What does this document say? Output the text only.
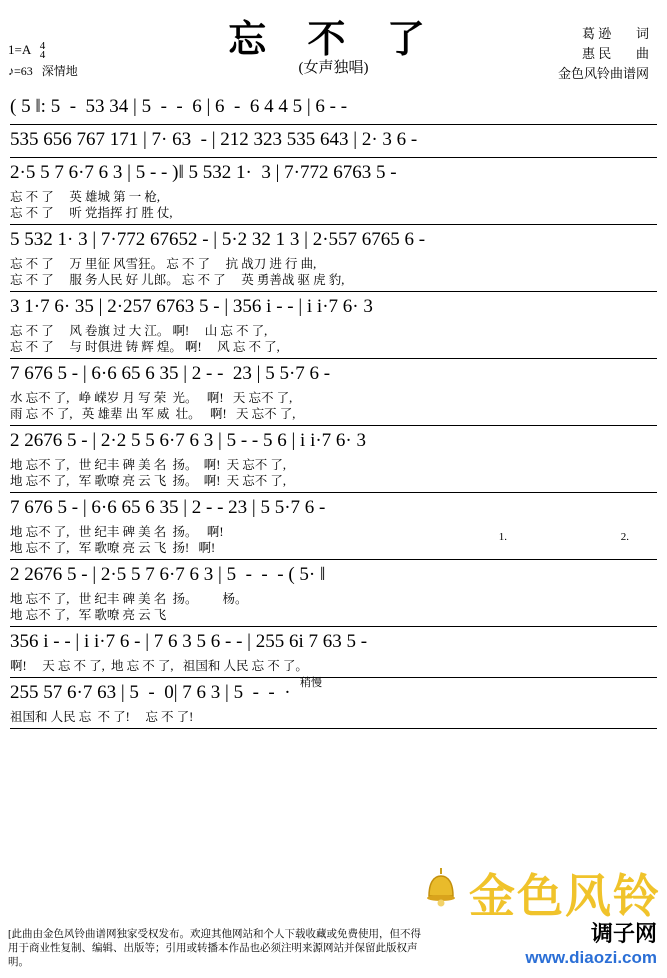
忘 不 了
(女声独唱)
葛 逊 词
惠 民 曲
金色风铃曲谱网
1=A 4
4
♪=63 深情地
( 5 ‖: 5  -  53 34 | 5  -  -  6 | 6  -  6 4 4 5 | 6 - -
535 656 767 171 | 7· 63  - | 212 323 535 643 | 2· 3 6 -
2·5 5 7 6·7 6 3 | 5 - - )‖ 5 532 1·  3 | 7·772 6763 5 -
忘 不 了     英 雄城 第 一 枪,
忘 不 了     听 党指挥 打 胜 仗,
5 532 1· 3 | 7·772 67652 - | 5·2 32 1 3 | 2·557 6765 6 -
忘 不 了     万 里征 风雪狂。 忘 不 了     抗 战刀 进 行 曲,
忘 不 了     服 务人民 好 儿郎。 忘 不 了     英 勇善战 驱 虎 豹,
3 1·7 6· 35 | 2·257 6763 5 - | 356 i - - | i i·7 6· 3
忘 不 了     风 卷旗 过 大 江。 啊!     山 忘 不 了,
忘 不 了     与 时俱进 铸 辉 煌。 啊!     风 忘 不 了,
7 676 5 - | 6·6 65 6 35 | 2 - -  23 | 5 5·7 6 -
水 忘不 了,   峥 嵘岁 月 写 荣  光。   啊!   天 忘不 了,
雨 忘 不 了,   英 雄辈 出 军 威  壮。   啊!   天 忘不 了,
2 2676 5 - | 2·2 5 5 6·7 6 3 | 5 - - 5 6 | i i·7 6· 3
地 忘不 了,   世 纪丰 碑 美 名  扬。  啊!  天 忘不 了,
地 忘不 了,   军 歌嘹 亮 云 飞  扬。  啊!  天 忘不 了,
7 676 5 - | 6·6 65 6 35 | 2 - - 23 | 5 5·7 6 -
地 忘不 了,   世 纪丰 碑 美 名  扬。   啊!
地 忘不 了,   军 歌嘹 亮 云 飞  扬!   啊!
1.	2.
2 2676 5 - | 2·5 5 7 6·7 6 3 | 5  -  -  - ( 5· ‖
地 忘不 了,   世 纪丰 碑 美 名  扬。        杨。
地 忘不 了,   军 歌嘹 亮 云 飞
356 i - - | i i·7 6 - | 7 6 3 5 6 - - | 255 6i 7 63 5 -
啊!     天 忘 不 了,  地 忘 不 了,   祖国和 人民 忘 不 了。
255 57 6·7 63 | 5  -  0| 7 6 3 | 5  -  -  ·
祖国和 人民 忘  不 了!     忘 不 了!
稍慢
金色风铃
调子网
www.diaozi.com
[此曲由金色风铃曲谱网独家受权发布。欢迎其他网站和个人下载收藏或免费使用，但不得用于商业性复制、编辑、出版等；引用或转播本作品也必须注明来源网站并保留此版权声明。
